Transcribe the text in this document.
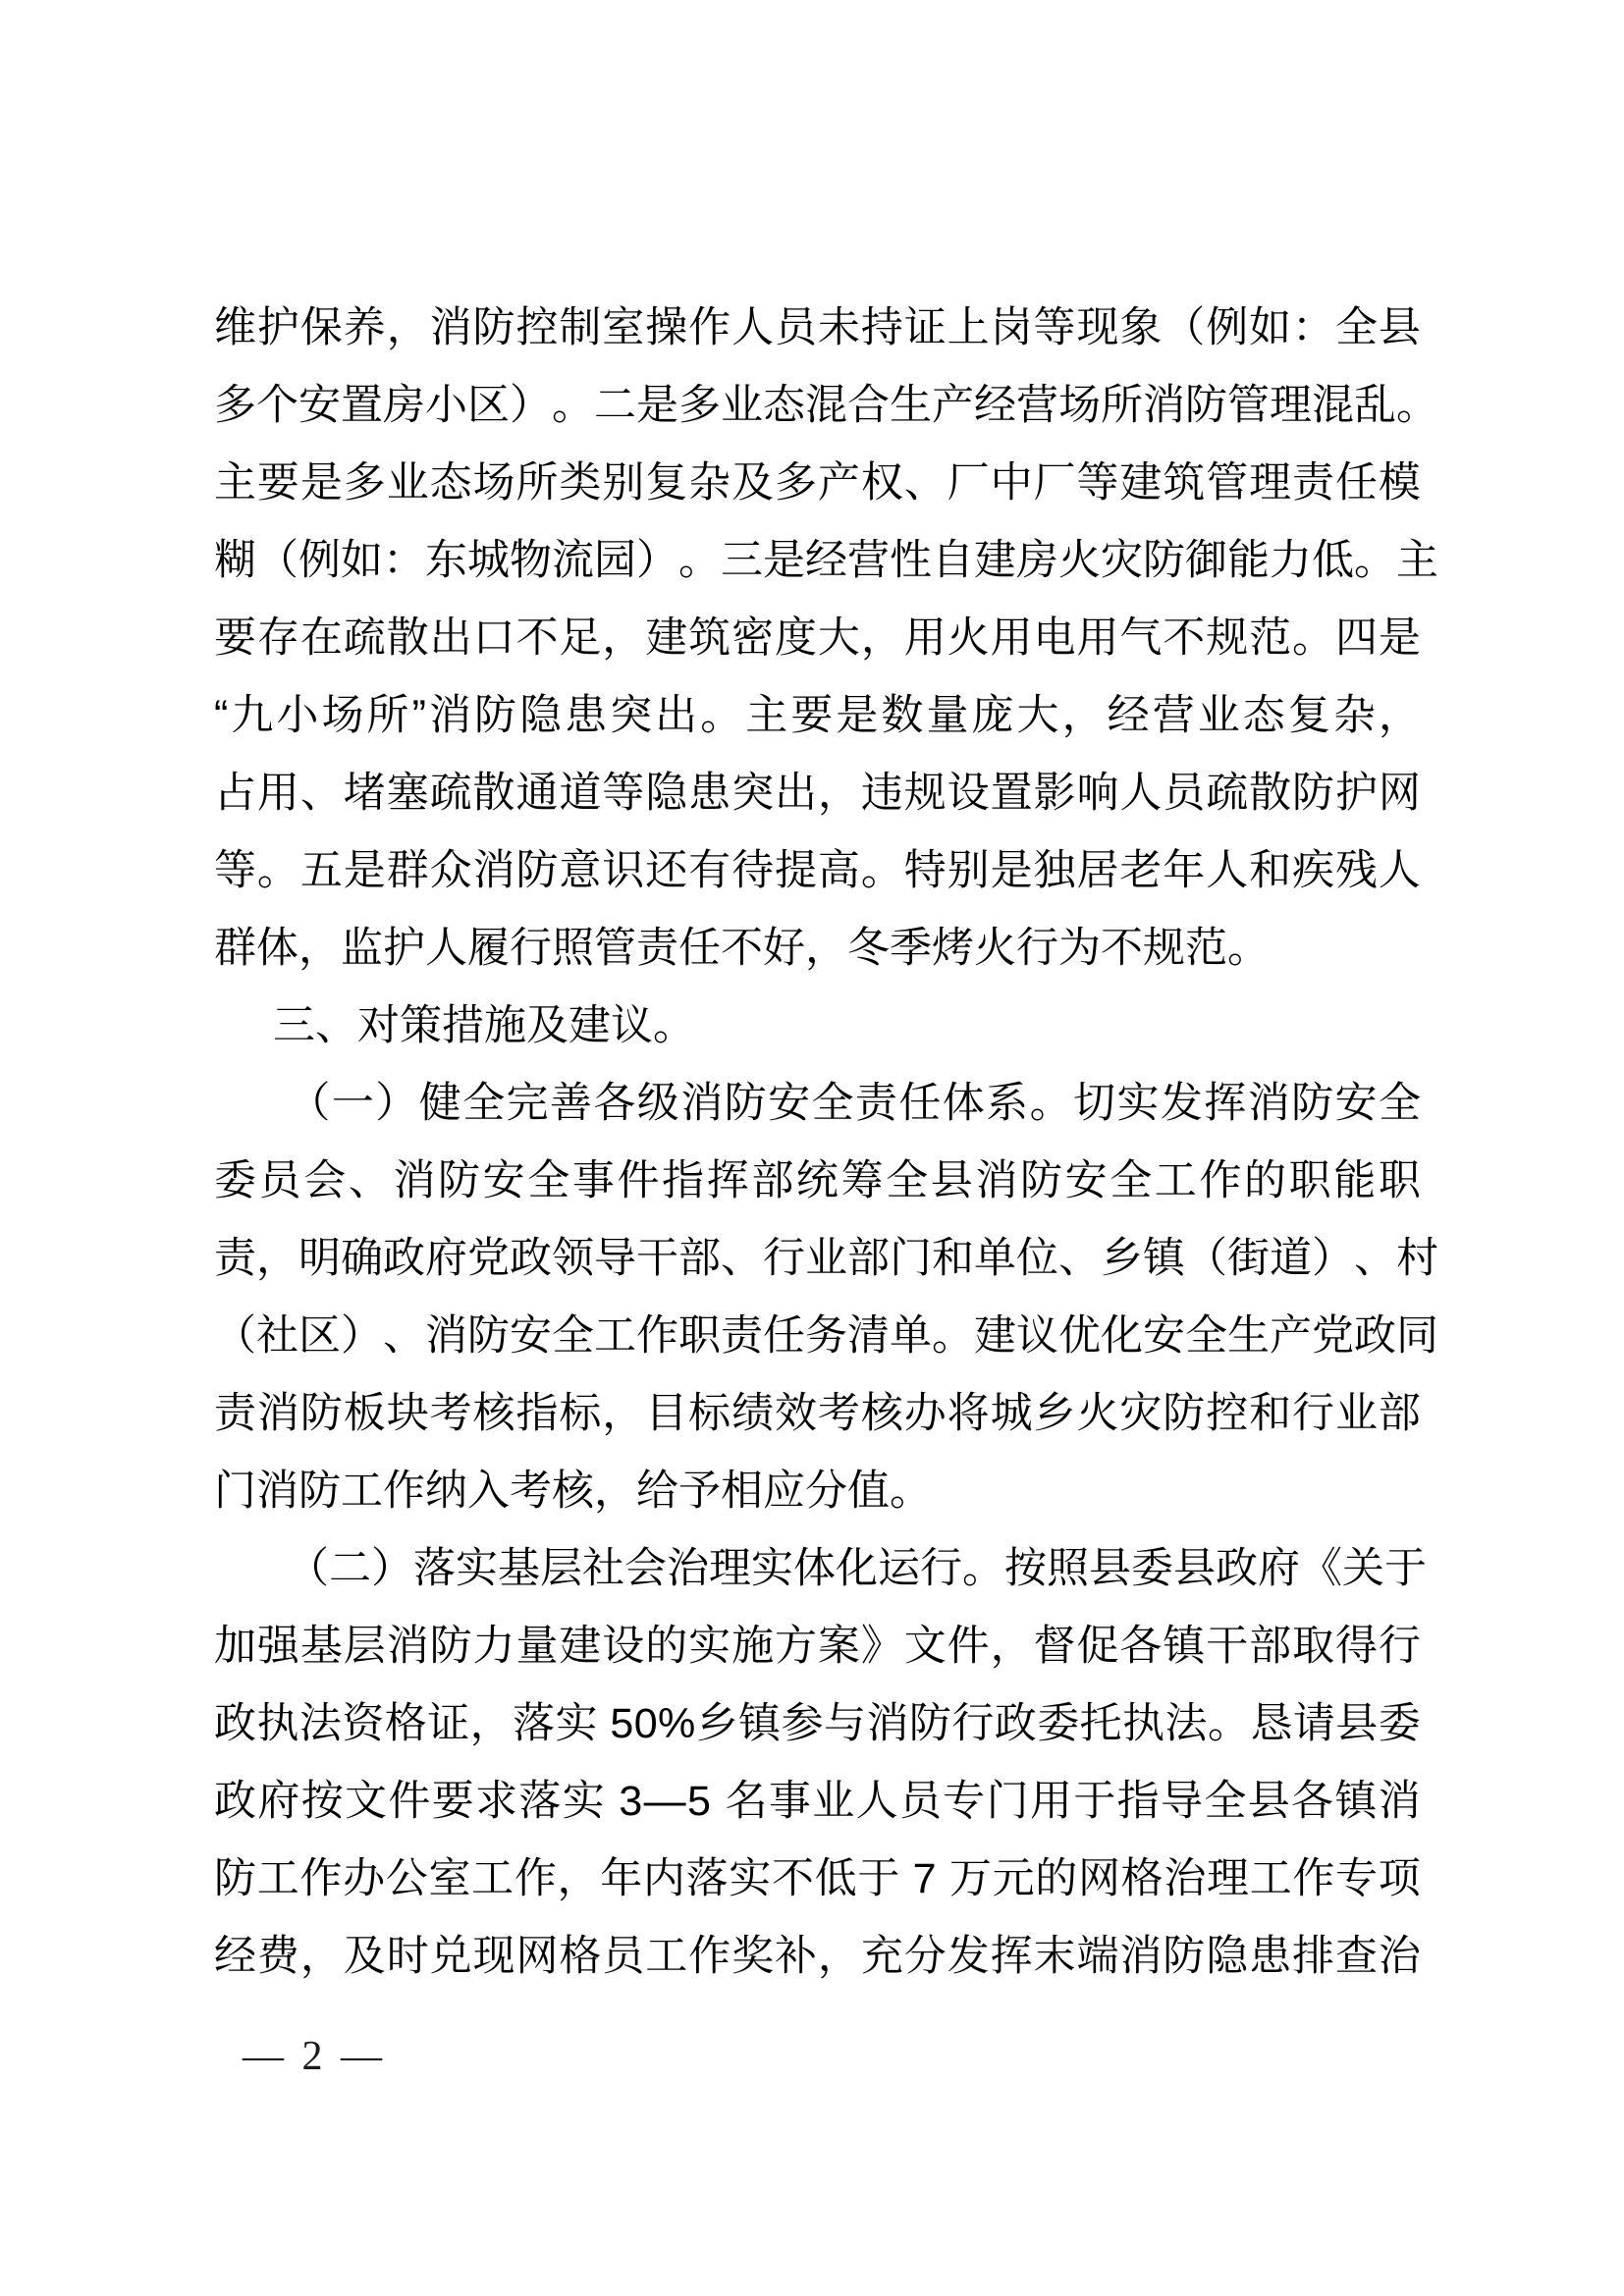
维 护 保 养 ， 消 防 控 制 室 操 作 人 员 未 持 证 上 岗 等 现 象 （ 例 如 ： 全 县
多 个 安 置 房 小 区 ） 。 二 是 多 业 态 混 合 生 产 经 营 场 所 消 防 管 理 混 乱 。
主 要 是 多 业 态 场 所 类 别 复 杂 及 多 产 权 、 厂 中 厂 等 建 筑 管 理 责 任 模
糊 （ 例 如 ： 东 城 物 流 园 ） 。 三 是 经 营 性 自 建 房 火 灾 防 御 能 力 低 。 主
要 存 在 疏 散 出 口 不 足 ， 建 筑 密 度 大 ， 用 火 用 电 用 气 不 规 范 。 四 是
“ 九 小 场 所 ” 消 防 隐 患 突 出 。 主 要 是 数 量 庞 大 ， 经 营 业 态 复 杂 ，
占 用 、 堵 塞 疏 散 通 道 等 隐 患 突 出 ， 违 规 设 置 影 响 人 员 疏 散 防 护 网
等 。 五 是 群 众 消 防 意 识 还 有 待 提 高 。 特 别 是 独 居 老 年 人 和 疾 残 人
群体，监护人履行照管责任不好，冬季烤火行为不规范。
三、对策措施及建议。
（ 一 ） 健 全 完 善 各 级 消 防 安 全 责 任 体 系 。 切 实 发 挥 消 防 安 全
委 员 会 、 消 防 安 全 事 件 指 挥 部 统 筹 全 县 消 防 安 全 工 作 的 职 能 职
责 ， 明 确 政 府 党 政 领 导 干 部 、 行 业 部 门 和 单 位 、 乡 镇 （ 街 道 ） 、 村
（ 社 区 ） 、 消 防 安 全 工 作 职 责 任 务 清 单 。 建 议 优 化 安 全 生 产 党 政 同
责 消 防 板 块 考 核 指 标 ， 目 标 绩 效 考 核 办 将 城 乡 火 灾 防 控 和 行 业 部
门消防工作纳入考核，给予相应分值。
（ 二 ） 落 实 基 层 社 会 治 理 实 体 化 运 行 。 按 照 县 委 县 政 府 《 关 于
加 强 基 层 消 防 力 量 建 设 的 实 施 方 案 》 文 件 ， 督 促 各 镇 干 部 取 得 行
政 执 法 资 格 证 ， 落 实
5 0 % 乡 镇 参 与 消 防 行 政 委 托 执 法 。 恳 请 县 委
政 府 按 文 件 要 求 落 实
3 — 5
名 事 业 人 员 专 门 用 于 指 导 全 县 各 镇 消
防 工 作 办 公 室 工 作 ， 年 内 落 实 不 低 于
7
万 元 的 网 格 治 理 工 作 专 项
经 费 ， 及 时 兑 现 网 格 员 工 作 奖 补 ， 充 分 发 挥 末 端 消 防 隐 患 排 查 治
— 2 —
